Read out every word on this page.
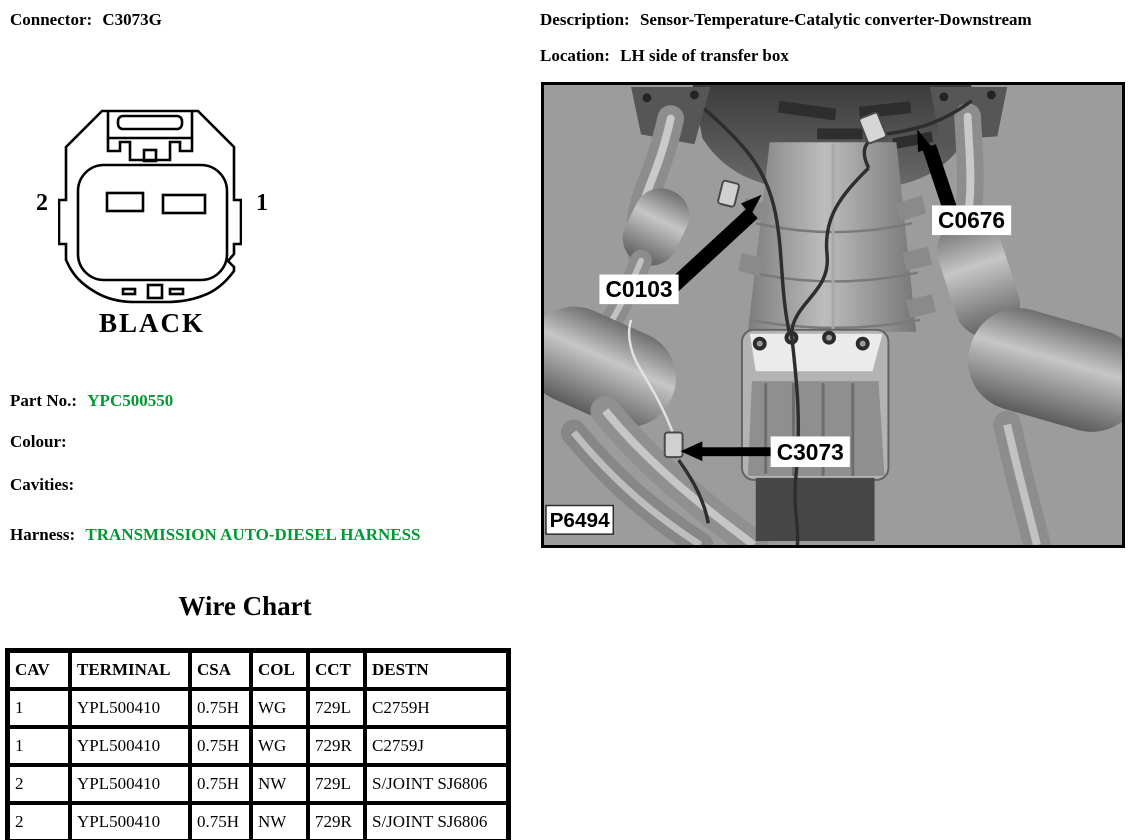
Connector: C3073G	Description: Sensor-Temperature-Catalytic converter-Downstream
Location: LH side of transfer box
2	1
BLACK
Part No.: YPC500550
Colour:
Cavities:
Harness: TRANSMISSION AUTO-DIESEL HARNESS
C0103
C0676
C3073
P6494
Wire Chart
CAV	TERMINAL	CSA	COL	CCT	DESTN
1	YPL500410	0.75H	WG	729L	C2759H
1	YPL500410	0.75H	WG	729R	C2759J
2	YPL500410	0.75H	NW	729L	S/JOINT SJ6806
2	YPL500410	0.75H	NW	729R	S/JOINT SJ6806
